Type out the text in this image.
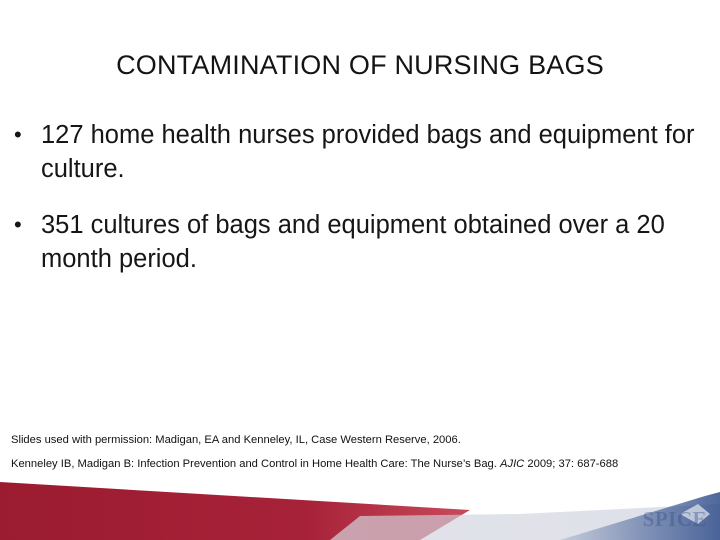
CONTAMINATION OF NURSING BAGS
• 127 home health nurses provided bags and equipment for culture.
• 351 cultures of bags and equipment obtained over a 20 month period.
Slides used with permission: Madigan, EA and Kenneley, IL, Case Western Reserve, 2006.
Kenneley IB, Madigan B: Infection Prevention and Control in Home Health Care: The Nurse’s Bag. AJIC 2009; 37: 687-688
SPICE
